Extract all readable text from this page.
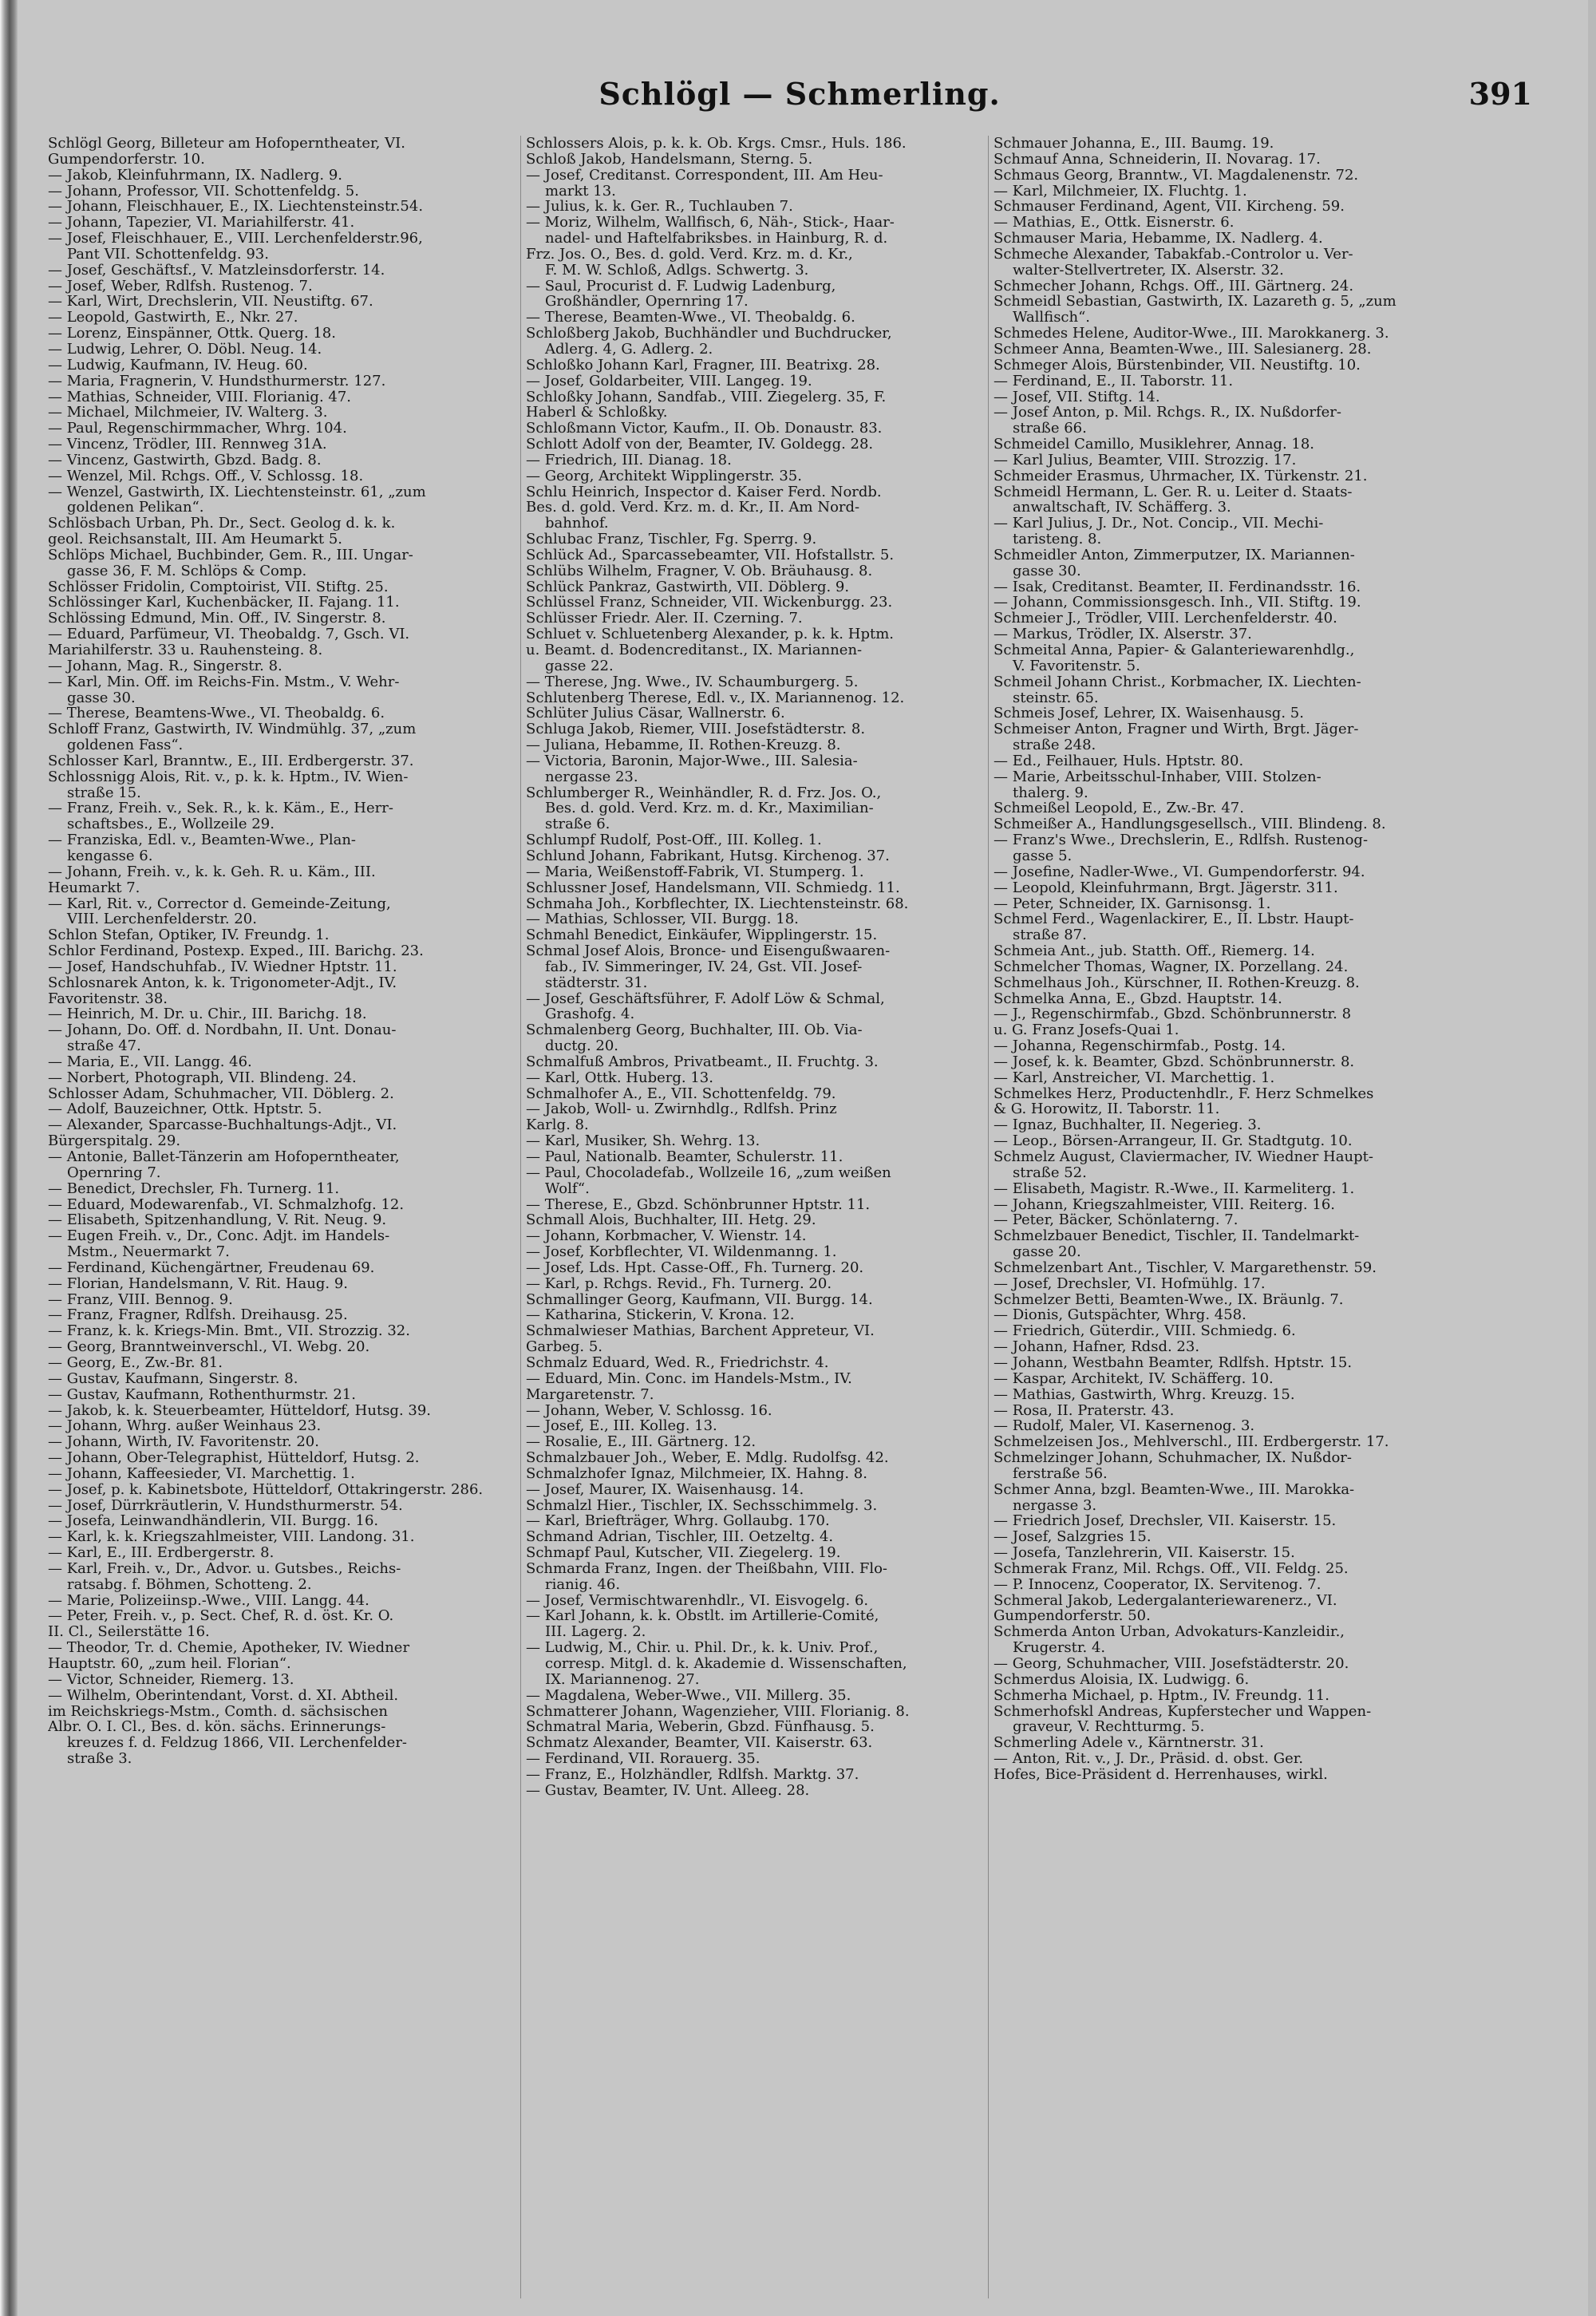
Schlögl — Schmerling.	391
Schlögl Georg, Billeteur am Hofoperntheater, VI.
Gumpendorferstr. 10.
— Jakob, Kleinfuhrmann, IX. Nadlerg. 9.
— Johann, Professor, VII. Schottenfeldg. 5.
— Johann, Fleischhauer, E., IX. Liechtensteinstr.54.
— Johann, Tapezier, VI. Mariahilferstr. 41.
— Josef, Fleischhauer, E., VIII. Lerchenfelderstr.96,
Pant VII. Schottenfeldg. 93.
— Josef, Geschäftsf., V. Matzleinsdorferstr. 14.
— Josef, Weber, Rdlfsh. Rustenog. 7.
— Karl, Wirt, Drechslerin, VII. Neustiftg. 67.
— Leopold, Gastwirth, E., Nkr. 27.
— Lorenz, Einspänner, Ottk. Querg. 18.
— Ludwig, Lehrer, O. Döbl. Neug. 14.
— Ludwig, Kaufmann, IV. Heug. 60.
— Maria, Fragnerin, V. Hundsthurmerstr. 127.
— Mathias, Schneider, VIII. Florianig. 47.
— Michael, Milchmeier, IV. Walterg. 3.
— Paul, Regenschirmmacher, Whrg. 104.
— Vincenz, Trödler, III. Rennweg 31A.
— Vincenz, Gastwirth, Gbzd. Badg. 8.
— Wenzel, Mil. Rchgs. Off., V. Schlossg. 18.
— Wenzel, Gastwirth, IX. Liechtensteinstr. 61, „zum
goldenen Pelikan“.
Schlösbach Urban, Ph. Dr., Sect. Geolog d. k. k.
geol. Reichsanstalt, III. Am Heumarkt 5.
Schlöps Michael, Buchbinder, Gem. R., III. Ungar-
gasse 36, F. M. Schlöps & Comp.
Schlösser Fridolin, Comptoirist, VII. Stiftg. 25.
Schlössinger Karl, Kuchenbäcker, II. Fajang. 11.
Schlössing Edmund, Min. Off., IV. Singerstr. 8.
— Eduard, Parfümeur, VI. Theobaldg. 7, Gsch. VI.
Mariahilferstr. 33 u. Rauhensteing. 8.
— Johann, Mag. R., Singerstr. 8.
— Karl, Min. Off. im Reichs-Fin. Mstm., V. Wehr-
gasse 30.
— Therese, Beamtens-Wwe., VI. Theobaldg. 6.
Schloff Franz, Gastwirth, IV. Windmühlg. 37, „zum
goldenen Fass“.
Schlosser Karl, Branntw., E., III. Erdbergerstr. 37.
Schlossnigg Alois, Rit. v., p. k. k. Hptm., IV. Wien-
straße 15.
— Franz, Freih. v., Sek. R., k. k. Käm., E., Herr-
schaftsbes., E., Wollzeile 29.
— Franziska, Edl. v., Beamten-Wwe., Plan-
kengasse 6.
— Johann, Freih. v., k. k. Geh. R. u. Käm., III.
Heumarkt 7.
— Karl, Rit. v., Corrector d. Gemeinde-Zeitung,
VIII. Lerchenfelderstr. 20.
Schlon Stefan, Optiker, IV. Freundg. 1.
Schlor Ferdinand, Postexp. Exped., III. Barichg. 23.
— Josef, Handschuhfab., IV. Wiedner Hptstr. 11.
Schlosnarek Anton, k. k. Trigonometer-Adjt., IV.
Favoritenstr. 38.
— Heinrich, M. Dr. u. Chir., III. Barichg. 18.
— Johann, Do. Off. d. Nordbahn, II. Unt. Donau-
straße 47.
— Maria, E., VII. Langg. 46.
— Norbert, Photograph, VII. Blindeng. 24.
Schlosser Adam, Schuhmacher, VII. Döblerg. 2.
— Adolf, Bauzeichner, Ottk. Hptstr. 5.
— Alexander, Sparcasse-Buchhaltungs-Adjt., VI.
Bürgerspitalg. 29.
— Antonie, Ballet-Tänzerin am Hofoperntheater,
Opernring 7.
— Benedict, Drechsler, Fh. Turnerg. 11.
— Eduard, Modewarenfab., VI. Schmalzhofg. 12.
— Elisabeth, Spitzenhandlung, V. Rit. Neug. 9.
— Eugen Freih. v., Dr., Conc. Adjt. im Handels-
Mstm., Neuermarkt 7.
— Ferdinand, Küchengärtner, Freudenau 69.
— Florian, Handelsmann, V. Rit. Haug. 9.
— Franz, VIII. Bennog. 9.
— Franz, Fragner, Rdlfsh. Dreihausg. 25.
— Franz, k. k. Kriegs-Min. Bmt., VII. Strozzig. 32.
— Georg, Branntweinverschl., VI. Webg. 20.
— Georg, E., Zw.-Br. 81.
— Gustav, Kaufmann, Singerstr. 8.
— Gustav, Kaufmann, Rothenthurmstr. 21.
— Jakob, k. k. Steuerbeamter, Hütteldorf, Hutsg. 39.
— Johann, Whrg. außer Weinhaus 23.
— Johann, Wirth, IV. Favoritenstr. 20.
— Johann, Ober-Telegraphist, Hütteldorf, Hutsg. 2.
— Johann, Kaffeesieder, VI. Marchettig. 1.
— Josef, p. k. Kabinetsbote, Hütteldorf, Ottakringerstr. 286.
— Josef, Dürrkräutlerin, V. Hundsthurmerstr. 54.
— Josefa, Leinwandhändlerin, VII. Burgg. 16.
— Karl, k. k. Kriegszahlmeister, VIII. Landong. 31.
— Karl, E., III. Erdbergerstr. 8.
— Karl, Freih. v., Dr., Advor. u. Gutsbes., Reichs-
ratsabg. f. Böhmen, Schotteng. 2.
— Marie, Polizeiinsp.-Wwe., VIII. Langg. 44.
— Peter, Freih. v., p. Sect. Chef, R. d. öst. Kr. O.
II. Cl., Seilerstätte 16.
— Theodor, Tr. d. Chemie, Apotheker, IV. Wiedner
Hauptstr. 60, „zum heil. Florian“.
— Victor, Schneider, Riemerg. 13.
— Wilhelm, Oberintendant, Vorst. d. XI. Abtheil.
im Reichskriegs-Mstm., Comth. d. sächsischen
Albr. O. I. Cl., Bes. d. kön. sächs. Erinnerungs-
kreuzes f. d. Feldzug 1866, VII. Lerchenfelder-
straße 3.
Schlossers Alois, p. k. k. Ob. Krgs. Cmsr., Huls. 186.
Schloß Jakob, Handelsmann, Sterng. 5.
— Josef, Creditanst. Correspondent, III. Am Heu-
markt 13.
— Julius, k. k. Ger. R., Tuchlauben 7.
— Moriz, Wilhelm, Wallfisch, 6, Näh-, Stick-, Haar-
nadel- und Haftelfabriksbes. in Hainburg, R. d.
Frz. Jos. O., Bes. d. gold. Verd. Krz. m. d. Kr.,
F. M. W. Schloß, Adlgs. Schwertg. 3.
— Saul, Procurist d. F. Ludwig Ladenburg,
Großhändler, Opernring 17.
— Therese, Beamten-Wwe., VI. Theobaldg. 6.
Schloßberg Jakob, Buchhändler und Buchdrucker,
Adlerg. 4, G. Adlerg. 2.
Schloßko Johann Karl, Fragner, III. Beatrixg. 28.
— Josef, Goldarbeiter, VIII. Langeg. 19.
Schloßky Johann, Sandfab., VIII. Ziegelerg. 35, F.
Haberl & Schloßky.
Schloßmann Victor, Kaufm., II. Ob. Donaustr. 83.
Schlott Adolf von der, Beamter, IV. Goldegg. 28.
— Friedrich, III. Dianag. 18.
— Georg, Architekt Wipplingerstr. 35.
Schlu Heinrich, Inspector d. Kaiser Ferd. Nordb.
Bes. d. gold. Verd. Krz. m. d. Kr., II. Am Nord-
bahnhof.
Schlubac Franz, Tischler, Fg. Sperrg. 9.
Schlück Ad., Sparcassebeamter, VII. Hofstallstr. 5.
Schlübs Wilhelm, Fragner, V. Ob. Bräuhausg. 8.
Schlück Pankraz, Gastwirth, VII. Döblerg. 9.
Schlüssel Franz, Schneider, VII. Wickenburgg. 23.
Schlüsser Friedr. Aler. II. Czerning. 7.
Schluet v. Schluetenberg Alexander, p. k. k. Hptm.
u. Beamt. d. Bodencreditanst., IX. Mariannen-
gasse 22.
— Therese, Jng. Wwe., IV. Schaumburgerg. 5.
Schlutenberg Therese, Edl. v., IX. Mariannenog. 12.
Schlüter Julius Cäsar, Wallnerstr. 6.
Schluga Jakob, Riemer, VIII. Josefstädterstr. 8.
— Juliana, Hebamme, II. Rothen-Kreuzg. 8.
— Victoria, Baronin, Major-Wwe., III. Salesia-
nergasse 23.
Schlumberger R., Weinhändler, R. d. Frz. Jos. O.,
Bes. d. gold. Verd. Krz. m. d. Kr., Maximilian-
straße 6.
Schlumpf Rudolf, Post-Off., III. Kolleg. 1.
Schlund Johann, Fabrikant, Hutsg. Kirchenog. 37.
— Maria, Weißenstoff-Fabrik, VI. Stumperg. 1.
Schlussner Josef, Handelsmann, VII. Schmiedg. 11.
Schmaha Joh., Korbflechter, IX. Liechtensteinstr. 68.
— Mathias, Schlosser, VII. Burgg. 18.
Schmahl Benedict, Einkäufer, Wipplingerstr. 15.
Schmal Josef Alois, Bronce- und Eisengußwaaren-
fab., IV. Simmeringer, IV. 24, Gst. VII. Josef-
städterstr. 31.
— Josef, Geschäftsführer, F. Adolf Löw & Schmal,
Grashofg. 4.
Schmalenberg Georg, Buchhalter, III. Ob. Via-
ductg. 20.
Schmalfuß Ambros, Privatbeamt., II. Fruchtg. 3.
— Karl, Ottk. Huberg. 13.
Schmalhofer A., E., VII. Schottenfeldg. 79.
— Jakob, Woll- u. Zwirnhdlg., Rdlfsh. Prinz
Karlg. 8.
— Karl, Musiker, Sh. Wehrg. 13.
— Paul, Nationalb. Beamter, Schulerstr. 11.
— Paul, Chocoladefab., Wollzeile 16, „zum weißen
Wolf“.
— Therese, E., Gbzd. Schönbrunner Hptstr. 11.
Schmall Alois, Buchhalter, III. Hetg. 29.
— Johann, Korbmacher, V. Wienstr. 14.
— Josef, Korbflechter, VI. Wildenmanng. 1.
— Josef, Lds. Hpt. Casse-Off., Fh. Turnerg. 20.
— Karl, p. Rchgs. Revid., Fh. Turnerg. 20.
Schmallinger Georg, Kaufmann, VII. Burgg. 14.
— Katharina, Stickerin, V. Krona. 12.
Schmalwieser Mathias, Barchent Appreteur, VI.
Garbeg. 5.
Schmalz Eduard, Wed. R., Friedrichstr. 4.
— Eduard, Min. Conc. im Handels-Mstm., IV.
Margaretenstr. 7.
— Johann, Weber, V. Schlossg. 16.
— Josef, E., III. Kolleg. 13.
— Rosalie, E., III. Gärtnerg. 12.
Schmalzbauer Joh., Weber, E. Mdlg. Rudolfsg. 42.
Schmalzhofer Ignaz, Milchmeier, IX. Hahng. 8.
— Josef, Maurer, IX. Waisenhausg. 14.
Schmalzl Hier., Tischler, IX. Sechsschimmelg. 3.
— Karl, Briefträger, Whrg. Gollaubg. 170.
Schmand Adrian, Tischler, III. Oetzeltg. 4.
Schmapf Paul, Kutscher, VII. Ziegelerg. 19.
Schmarda Franz, Ingen. der Theißbahn, VIII. Flo-
rianig. 46.
— Josef, Vermischtwarenhdlr., VI. Eisvogelg. 6.
— Karl Johann, k. k. Obstlt. im Artillerie-Comité,
III. Lagerg. 2.
— Ludwig, M., Chir. u. Phil. Dr., k. k. Univ. Prof.,
corresp. Mitgl. d. k. Akademie d. Wissenschaften,
IX. Mariannenog. 27.
— Magdalena, Weber-Wwe., VII. Millerg. 35.
Schmatterer Johann, Wagenzieher, VIII. Florianig. 8.
Schmatral Maria, Weberin, Gbzd. Fünfhausg. 5.
Schmatz Alexander, Beamter, VII. Kaiserstr. 63.
— Ferdinand, VII. Rorauerg. 35.
— Franz, E., Holzhändler, Rdlfsh. Marktg. 37.
— Gustav, Beamter, IV. Unt. Alleeg. 28.
Schmauer Johanna, E., III. Baumg. 19.
Schmauf Anna, Schneiderin, II. Novarag. 17.
Schmaus Georg, Branntw., VI. Magdalenenstr. 72.
— Karl, Milchmeier, IX. Fluchtg. 1.
Schmauser Ferdinand, Agent, VII. Kircheng. 59.
— Mathias, E., Ottk. Eisnerstr. 6.
Schmauser Maria, Hebamme, IX. Nadlerg. 4.
Schmeche Alexander, Tabakfab.-Controlor u. Ver-
walter-Stellvertreter, IX. Alserstr. 32.
Schmecher Johann, Rchgs. Off., III. Gärtnerg. 24.
Schmeidl Sebastian, Gastwirth, IX. Lazareth g. 5, „zum
Wallfisch“.
Schmedes Helene, Auditor-Wwe., III. Marokkanerg. 3.
Schmeer Anna, Beamten-Wwe., III. Salesianerg. 28.
Schmeger Alois, Bürstenbinder, VII. Neustiftg. 10.
— Ferdinand, E., II. Taborstr. 11.
— Josef, VII. Stiftg. 14.
— Josef Anton, p. Mil. Rchgs. R., IX. Nußdorfer-
straße 66.
Schmeidel Camillo, Musiklehrer, Annag. 18.
— Karl Julius, Beamter, VIII. Strozzig. 17.
Schmeider Erasmus, Uhrmacher, IX. Türkenstr. 21.
Schmeidl Hermann, L. Ger. R. u. Leiter d. Staats-
anwaltschaft, IV. Schäfferg. 3.
— Karl Julius, J. Dr., Not. Concip., VII. Mechi-
taristeng. 8.
Schmeidler Anton, Zimmerputzer, IX. Mariannen-
gasse 30.
— Isak, Creditanst. Beamter, II. Ferdinandsstr. 16.
— Johann, Commissionsgesch. Inh., VII. Stiftg. 19.
Schmeier J., Trödler, VIII. Lerchenfelderstr. 40.
— Markus, Trödler, IX. Alserstr. 37.
Schmeital Anna, Papier- & Galanteriewarenhdlg.,
V. Favoritenstr. 5.
Schmeil Johann Christ., Korbmacher, IX. Liechten-
steinstr. 65.
Schmeis Josef, Lehrer, IX. Waisenhausg. 5.
Schmeiser Anton, Fragner und Wirth, Brgt. Jäger-
straße 248.
— Ed., Feilhauer, Huls. Hptstr. 80.
— Marie, Arbeitsschul-Inhaber, VIII. Stolzen-
thalerg. 9.
Schmeißel Leopold, E., Zw.-Br. 47.
Schmeißer A., Handlungsgesellsch., VIII. Blindeng. 8.
— Franz's Wwe., Drechslerin, E., Rdlfsh. Rustenog-
gasse 5.
— Josefine, Nadler-Wwe., VI. Gumpendorferstr. 94.
— Leopold, Kleinfuhrmann, Brgt. Jägerstr. 311.
— Peter, Schneider, IX. Garnisonsg. 1.
Schmel Ferd., Wagenlackirer, E., II. Lbstr. Haupt-
straße 87.
Schmeia Ant., jub. Statth. Off., Riemerg. 14.
Schmelcher Thomas, Wagner, IX. Porzellang. 24.
Schmelhaus Joh., Kürschner, II. Rothen-Kreuzg. 8.
Schmelka Anna, E., Gbzd. Hauptstr. 14.
— J., Regenschirmfab., Gbzd. Schönbrunnerstr. 8
u. G. Franz Josefs-Quai 1.
— Johanna, Regenschirmfab., Postg. 14.
— Josef, k. k. Beamter, Gbzd. Schönbrunnerstr. 8.
— Karl, Anstreicher, VI. Marchettig. 1.
Schmelkes Herz, Productenhdlr., F. Herz Schmelkes
& G. Horowitz, II. Taborstr. 11.
— Ignaz, Buchhalter, II. Negerieg. 3.
— Leop., Börsen-Arrangeur, II. Gr. Stadtgutg. 10.
Schmelz August, Claviermacher, IV. Wiedner Haupt-
straße 52.
— Elisabeth, Magistr. R.-Wwe., II. Karmeliterg. 1.
— Johann, Kriegszahlmeister, VIII. Reiterg. 16.
— Peter, Bäcker, Schönlaterng. 7.
Schmelzbauer Benedict, Tischler, II. Tandelmarkt-
gasse 20.
Schmelzenbart Ant., Tischler, V. Margarethenstr. 59.
— Josef, Drechsler, VI. Hofmühlg. 17.
Schmelzer Betti, Beamten-Wwe., IX. Bräunlg. 7.
— Dionis, Gutspächter, Whrg. 458.
— Friedrich, Güterdir., VIII. Schmiedg. 6.
— Johann, Hafner, Rdsd. 23.
— Johann, Westbahn Beamter, Rdlfsh. Hptstr. 15.
— Kaspar, Architekt, IV. Schäfferg. 10.
— Mathias, Gastwirth, Whrg. Kreuzg. 15.
— Rosa, II. Praterstr. 43.
— Rudolf, Maler, VI. Kasernenog. 3.
Schmelzeisen Jos., Mehlverschl., III. Erdbergerstr. 17.
Schmelzinger Johann, Schuhmacher, IX. Nußdor-
ferstraße 56.
Schmer Anna, bzgl. Beamten-Wwe., III. Marokka-
nergasse 3.
— Friedrich Josef, Drechsler, VII. Kaiserstr. 15.
— Josef, Salzgries 15.
— Josefa, Tanzlehrerin, VII. Kaiserstr. 15.
Schmerak Franz, Mil. Rchgs. Off., VII. Feldg. 25.
— P. Innocenz, Cooperator, IX. Servitenog. 7.
Schmeral Jakob, Ledergalanteriewarenerz., VI.
Gumpendorferstr. 50.
Schmerda Anton Urban, Advokaturs-Kanzleidir.,
Krugerstr. 4.
— Georg, Schuhmacher, VIII. Josefstädterstr. 20.
Schmerdus Aloisia, IX. Ludwigg. 6.
Schmerha Michael, p. Hptm., IV. Freundg. 11.
Schmerhofskl Andreas, Kupferstecher und Wappen-
graveur, V. Rechtturmg. 5.
Schmerling Adele v., Kärntnerstr. 31.
— Anton, Rit. v., J. Dr., Präsid. d. obst. Ger.
Hofes, Bice-Präsident d. Herrenhauses, wirkl.
